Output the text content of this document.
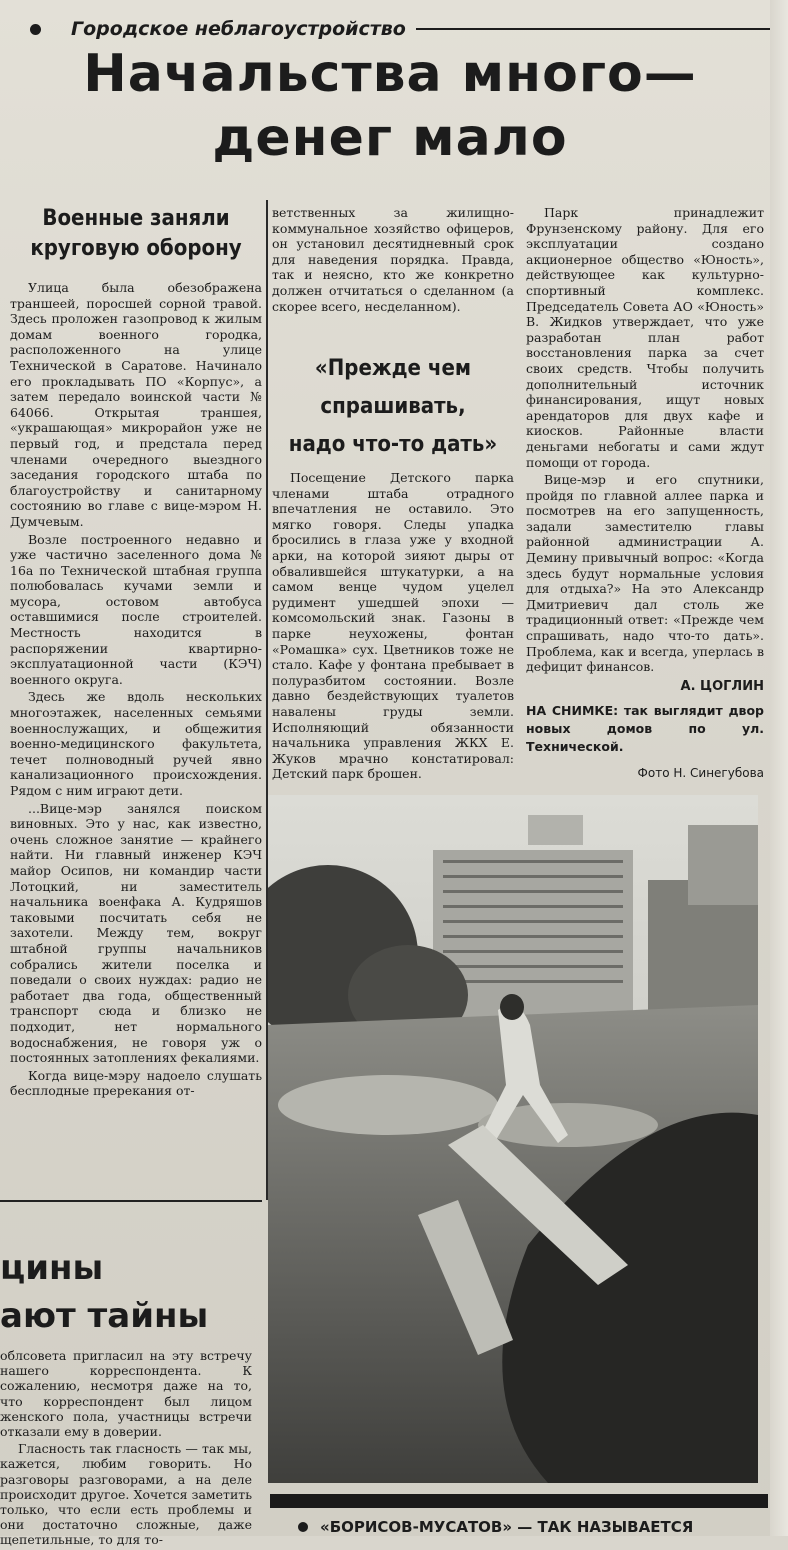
Городское неблагоустройство
Начальства много—
денег мало
Военные заняли
круговую оборону

Улица была обезображена траншеей, поросшей сорной травой. Здесь проложен газопровод к жилым домам военного городка, расположенного на улице Технической в Саратове. Начинало его прокладывать ПО «Корпус», а затем передало воинской части № 64066. Открытая траншея, «украшающая» микрорайон уже не первый год, и предстала перед членами очередного выездного заседания городского штаба по благоустройству и санитарному состоянию во главе с вице-мэром Н. Думчевым.

Возле построенного недавно и уже частично заселенного дома № 16а по Технической штабная группа полюбовалась кучами земли и мусора, остовом автобуса оставшимися после строителей. Местность находится в распоряжении квартирно-эксплуатационной части (КЭЧ) военного округа.

Здесь же вдоль нескольких многоэтажек, населенных семьями военнослужащих, и общежития военно-медицинского факультета, течет полноводный ручей явно канализационного происхождения. Рядом с ним играют дети.

...Вице-мэр занялся поиском виновных. Это у нас, как известно, очень сложное занятие — крайнего найти. Ни главный инженер КЭЧ майор Осипов, ни командир части Лотоцкий, ни заместитель начальника военфака А. Кудряшов таковыми посчитать себя не захотели. Между тем, вокруг штабной группы начальников собрались жители поселка и поведали о своих нуждах: радио не работает два года, общественный транспорт сюда и близко не подходит, нет нормального водоснабжения, не говоря уж о постоянных затоплениях фекалиями.

Когда вице-мэру надоело слушать бесплодные пререкания от-

ветственных за жилищно-коммунальное хозяйство офицеров, он установил десятидневный срок для наведения порядка. Правда, так и неясно, кто же конкретно должен отчитаться о сделанном (а скорее всего, несделанном).

«Прежде чем
спрашивать,
надо что-то дать»

Посещение Детского парка членами штаба отрадного впечатления не оставило. Это мягко говоря. Следы упадка бросились в глаза уже у входной арки, на которой зияют дыры от обвалившейся штукатурки, а на самом венце чудом уцелел рудимент ушедшей эпохи — комсомольский знак. Газоны в парке неухожены, фонтан «Ромашка» сух. Цветников тоже не стало. Кафе у фонтана пребывает в полуразбитом состоянии. Возле давно бездействующих туалетов навалены груды земли. Исполняющий обязанности начальника управления ЖКХ Е. Жуков мрачно констатировал: Детский парк брошен.

Парк принадлежит Фрунзенскому району. Для его эксплуатации создано акционерное общество «Юность», действующее как культурно-спортивный комплекс. Председатель Совета АО «Юность» В. Жидков утверждает, что уже разработан план работ восстановления парка за счет своих средств. Чтобы получить дополнительный источник финансирования, ищут новых арендаторов для двух кафе и киосков. Районные власти деньгами небогаты и сами ждут помощи от города.

Вице-мэр и его спутники, пройдя по главной аллее парка и посмотрев на его запущенность, задали заместителю главы районной администрации А. Демину привычный вопрос: «Когда здесь будут нормальные условия для отдыха?» На это Александр Дмитриевич дал столь же традиционный ответ: «Прежде чем спрашивать, надо что-то дать». Проблема, как и всегда, уперлась в дефицит финансов.

А. ЦОГЛИН
НА СНИМКЕ: так выглядит двор новых домов по ул. Технической.
Фото Н. Синегубова
цины
ают тайны

облсовета пригласил на эту встречу нашего корреспондента. К сожалению, несмотря даже на то, что корреспондент был лицом женского пола, участницы встречи отказали ему в доверии.

Гласность так гласность — так мы, кажется, любим говорить. Но разговоры разговорами, а на деле происходит другое. Хочется заметить только, что если есть проблемы и они достаточно сложные, даже щепетильные, то для то-

«БОРИСОВ-МУСАТОВ» — ТАК НАЗЫВАЕТСЯ
